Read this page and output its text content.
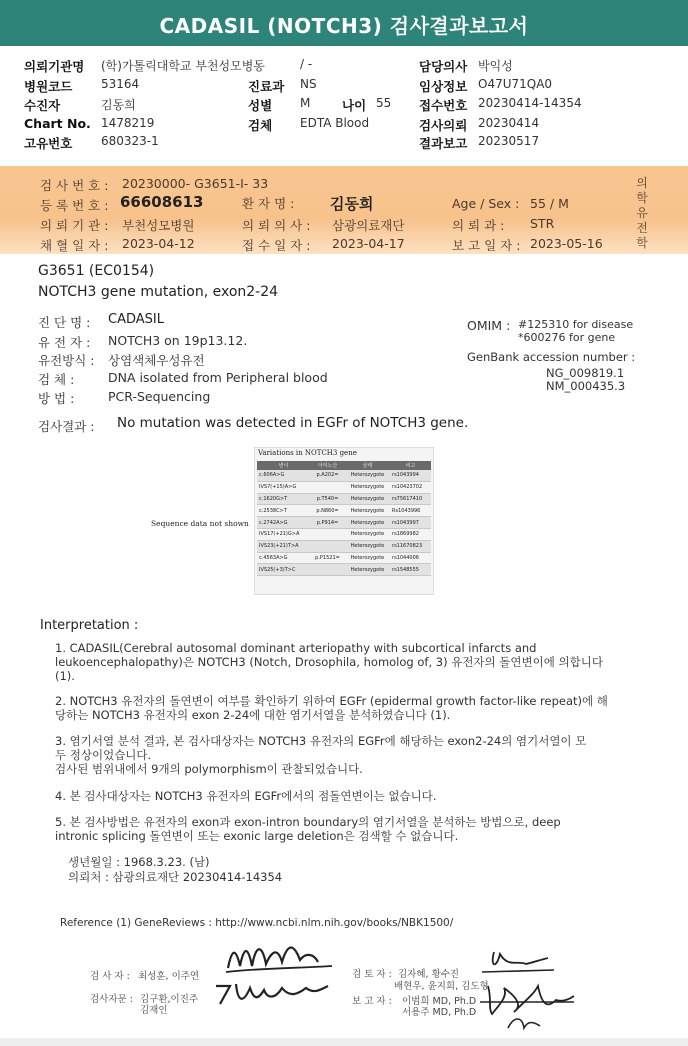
CADASIL (NOTCH3) 검사결과보고서
의뢰기관명 (학)가톨릭대학교 부천성모병동	/ -	담당의사 박익성
병원코드 53164	진료과 NS	임상정보 O47U71QA0
수진자	김동희	성별 M	나이 55 접수번호 20230414-14354
Chart No. 1478219	검체 EDTA Blood	검사의뢰 20230414
고유번호 680323-1	결과보고 20230517
검 사 번 호 : 20230000- G3651-I- 33
등 록 번 호 : 66608613	환 자 명 : 김동희	Age / Sex : 55 / M
의 뢰 기 관 : 부천성모병원	의 뢰 의 사 : 삼광의료재단	의 뢰 과 : STR
채 혈 일 자 : 2023-04-12	접 수 일 자 : 2023-04-17	보 고 일 자 : 2023-05-16
의학유전학
G3651 (EC0154)
NOTCH3 gene mutation, exon2-24
진 단 명 : CADASIL
유 전 자 : NOTCH3 on 19p13.12.
유전방식 : 상염색체우성유전
검 체 :	DNA isolated from Peripheral blood
방 법 :	PCR-Sequencing
OMIM : #125310 for disease
*600276 for gene
GenBank accession number :
NG_009819.1
NM_000435.3
검사결과 : No mutation was detected in EGFr of NOTCH3 gene.
Sequence data not shown
Variations in NOTCH3 gene
변이	아미노산	상태	비고
c.606A>G	p.A202=	Heterozygote	rs1043994
IVS7(+15)A>G		Heterozygote	rs10423702
c.1620G>T	p.T540=	Heterozygote	rs75617410
c.2538C>T	p.N860=	Heterozygote	Rs1043996
c.2742A>G	p.P914=	Heterozygote	rs1043997
IVS17(+21)G>A		Heterozygote	rs1869982
IVS23(+21)T>A		Heterozygote	rs11670823
c.4563A>G	p.P1521=	Heterozygote	rs1044006
IVS25(+3)T>C		Heterozygote	rs1548555
Interpretation :
1. CADASIL(Cerebral autosomal dominant arteriopathy with subcortical infarcts and
leukoencephalopathy)은 NOTCH3 (Notch, Drosophila, homolog of, 3) 유전자의 돌연변이에 의합니다
(1).
2. NOTCH3 유전자의 돌연변이 여부를 확인하기 위하여 EGFr (epidermal growth factor-like repeat)에 해
당하는 NOTCH3 유전자의 exon 2-24에 대한 염기서열을 분석하였습니다 (1).
3. 염기서열 분석 결과, 본 검사대상자는 NOTCH3 유전자의 EGFr에 해당하는 exon2-24의 염기서열이 모
두 정상이었습니다.
검사된 범위내에서 9개의 polymorphism이 관찰되었습니다.
4. 본 검사대상자는 NOTCH3 유전자의 EGFr에서의 점돌연변이는 없습니다.
5. 본 검사방법은 유전자의 exon과 exon-intron boundary의 염기서열을 분석하는 방법으로, deep
intronic splicing 돌연변이 또는 exonic large deletion은 검색할 수 없습니다.
생년월일 : 1968.3.23. (남)
의뢰처 : 삼광의료재단 20230414-14354
Reference (1) GeneReviews : http://www.ncbi.nlm.nih.gov/books/NBK1500/
검 사 자 : 최성훈, 이주연
검사자문 : 김구환,이진주
김재인
검 토 자 : 김자혜, 황수진
배현우, 윤지희, 김도형
보 고 자 : 이범희 MD, Ph.D
서용주 MD, Ph.D
